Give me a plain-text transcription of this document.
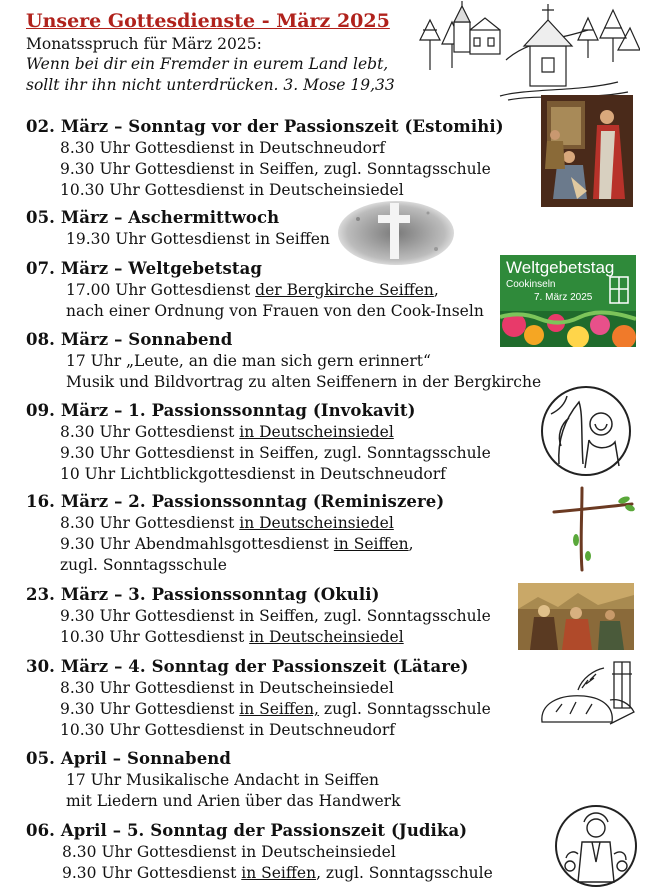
Unsere Gottesdienste - März 2025
Monatsspruch für März 2025:
Wenn bei dir ein Fremder in eurem Land lebt,
sollt ihr ihn nicht unterdrücken. 3. Mose 19,33
02. März – Sonntag vor der Passionszeit (Estomihi)
8.30 Uhr Gottesdienst in Deutschneudorf
9.30 Uhr Gottesdienst in Seiffen, zugl. Sonntagsschule
10.30 Uhr Gottesdienst in Deutscheinsiedel
05. März – Aschermittwoch
19.30 Uhr Gottesdienst in Seiffen
Weltgebetstag
Cookinseln
7. März 2025
07. März – Weltgebetstag
17.00 Uhr Gottesdienst der Bergkirche Seiffen,
nach einer Ordnung von Frauen von den Cook-Inseln
08. März – Sonnabend
17 Uhr „Leute, an die man sich gern erinnert“
Musik und Bildvortrag zu alten Seiffenern in der Bergkirche
09. März – 1. Passionssonntag (Invokavit)
8.30 Uhr Gottesdienst in Deutscheinsiedel
9.30 Uhr Gottesdienst in Seiffen, zugl. Sonntagsschule
10 Uhr Lichtblickgottesdienst in Deutschneudorf
16. März – 2. Passionssonntag (Reminiszere)
8.30 Uhr Gottesdienst in Deutscheinsiedel
9.30 Uhr Abendmahlsgottesdienst in Seiffen,
zugl. Sonntagsschule
23. März – 3. Passionssonntag (Okuli)
9.30 Uhr Gottesdienst in Seiffen, zugl. Sonntagsschule
10.30 Uhr Gottesdienst in Deutscheinsiedel
30. März – 4. Sonntag der Passionszeit (Lätare)
8.30 Uhr Gottesdienst in Deutscheinsiedel
9.30 Uhr Gottesdienst in Seiffen, zugl. Sonntagsschule
10.30 Uhr Gottesdienst in Deutschneudorf
05. April – Sonnabend
17 Uhr Musikalische Andacht in Seiffen
mit Liedern und Arien über das Handwerk
06. April – 5. Sonntag der Passionszeit (Judika)
8.30 Uhr Gottesdienst in Deutscheinsiedel
9.30 Uhr Gottesdienst in Seiffen, zugl. Sonntagsschule
